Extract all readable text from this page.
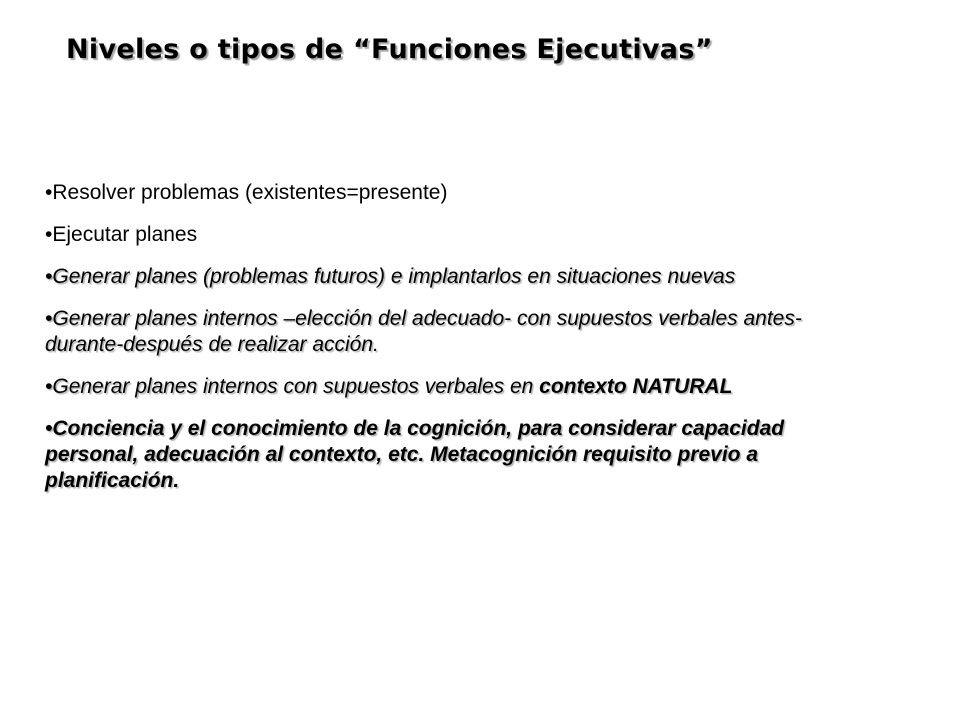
Niveles o tipos de “Funciones Ejecutivas”
•Resolver problemas (existentes=presente)
•Ejecutar planes
•Generar planes (problemas futuros) e implantarlos en situaciones nuevas
•Generar planes internos –elección del adecuado- con supuestos verbales antes-durante-después de realizar acción.
•Generar planes internos con supuestos verbales en contexto NATURAL
•Conciencia y el conocimiento de la cognición, para considerar capacidad personal, adecuación al contexto, etc. Metacognición requisito previo a planificación.
